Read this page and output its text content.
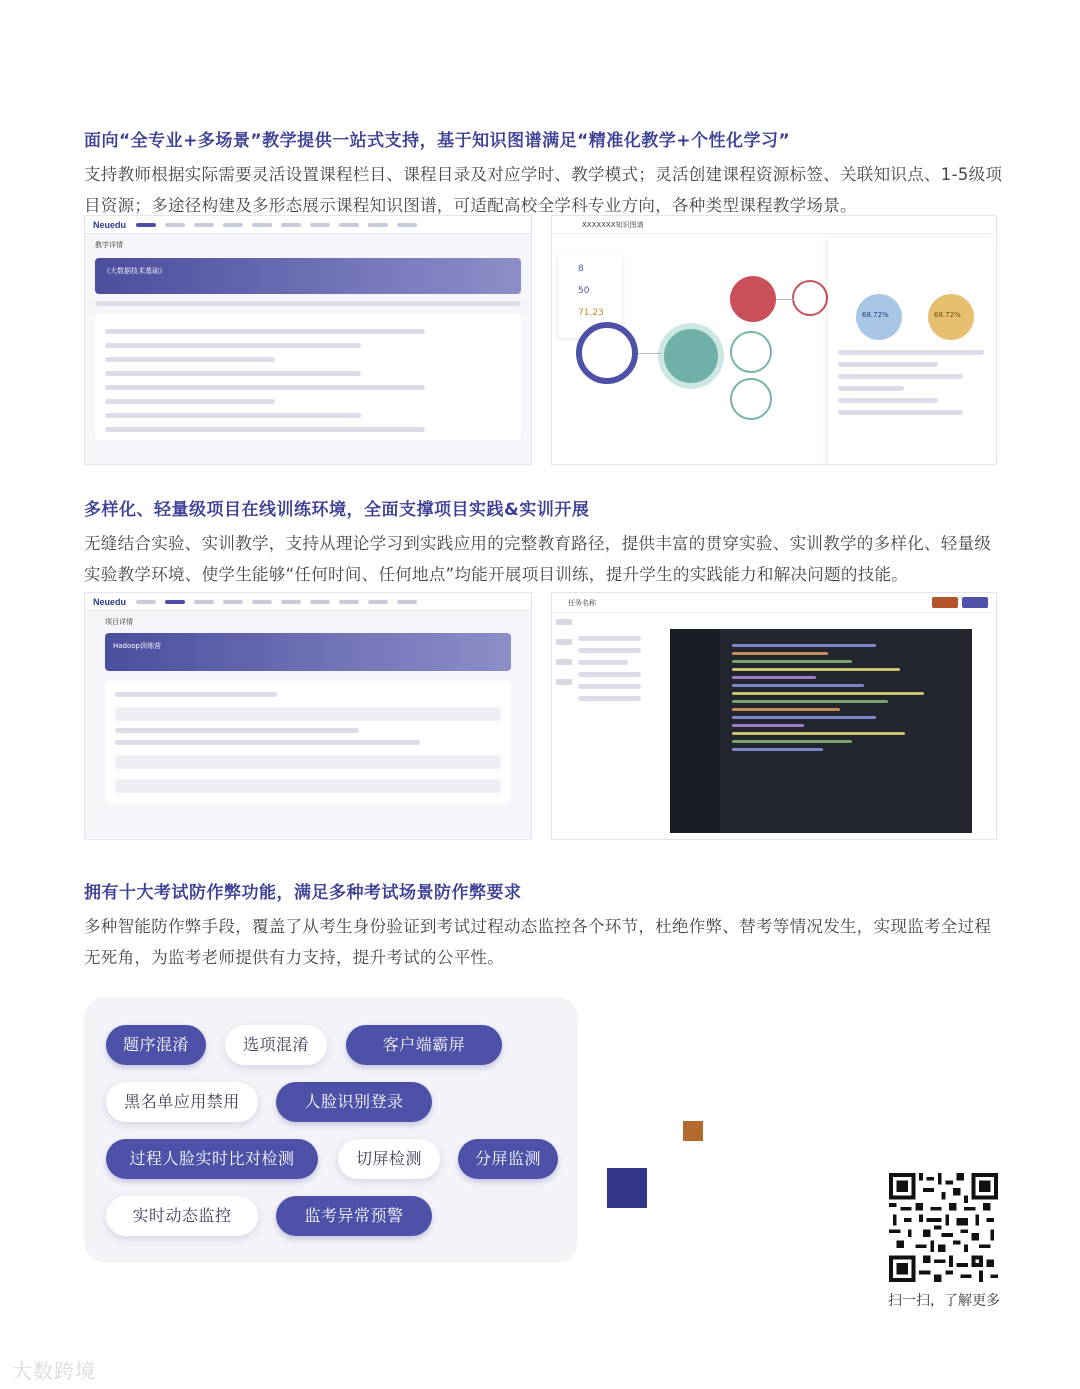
面向“全专业+多场景”教学提供一站式支持，基于知识图谱满足“精准化教学+个性化学习”
支持教师根据实际需要灵活设置课程栏目、课程目录及对应学时、教学模式；灵活创建课程资源标签、关联知识点、1-5级项目资源；多途径构建及多形态展示课程知识图谱，可适配高校全学科专业方向，各种类型课程教学场景。
Neuedu
教学详情
《大数据技术基础》
XXXXXXX知识图谱
8
50
71.23	68.72%	68.72%
多样化、轻量级项目在线训练环境，全面支撑项目实践&实训开展
无缝结合实验、实训教学，支持从理论学习到实践应用的完整教育路径，提供丰富的贯穿实验、实训教学的多样化、轻量级实验教学环境、使学生能够“任何时间、任何地点”均能开展项目训练，提升学生的实践能力和解决问题的技能。
Neuedu
项目详情
Hadoop训练营
任务名称
拥有十大考试防作弊功能，满足多种考试场景防作弊要求
多种智能防作弊手段，覆盖了从考生身份验证到考试过程动态监控各个环节，杜绝作弊、替考等情况发生，实现监考全过程无死角，为监考老师提供有力支持，提升考试的公平性。
题序混淆	选项混淆	客户端霸屏
黑名单应用禁用	人脸识别登录
过程人脸实时比对检测	切屏检测	分屏监测
实时动态监控	监考异常预警
扫一扫，了解更多
大数跨境
